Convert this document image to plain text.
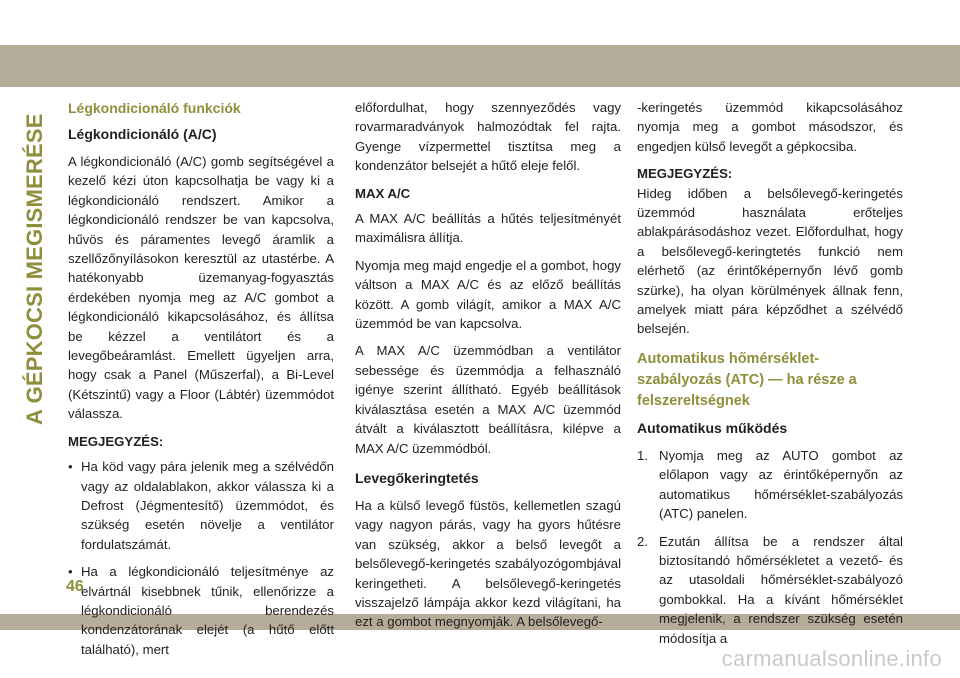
A GÉPKOCSI MEGISMERÉSE
46
Légkondicionáló funkciók
Légkondicionáló (A/C)

A légkondicionáló (A/C) gomb segítségével a kezelő kézi úton kapcsolhatja be vagy ki a légkondicionáló rendszert. Amikor a légkondicionáló rendszer be van kapcsolva, hűvös és páramentes levegő áramlik a szellőzőnyílásokon keresztül az utastérbe. A hatékonyabb üzemanyag-fogyasztás érdekében nyomja meg az A/C gombot a légkondicionáló kikapcsolásához, és állítsa be kézzel a ventilátort és a levegőbeáramlást. Emellett ügyeljen arra, hogy csak a Panel (Műszerfal), a Bi-Level (Kétszintű) vagy a Floor (Lábtér) üzemmódot válassza.

MEGJEGYZÉS:
• Ha köd vagy pára jelenik meg a szélvédőn vagy az oldalablakon, akkor válassza ki a Defrost (Jégmentesítő) üzemmódot, és szükség esetén növelje a ventilátor fordulatszámát.
• Ha a légkondicionáló teljesítménye az elvártnál kisebbnek tűnik, ellenőrizze a légkondicionáló berendezés kondenzátorának elejét (a hűtő előtt található), mert

előfordulhat, hogy szennyeződés vagy rovarmaradványok halmozódtak fel rajta. Gyenge vízpermettel tisztítsa meg a kondenzátor belsejét a hűtő eleje felől.

MAX A/C

A MAX A/C beállítás a hűtés teljesítményét maximálisra állítja.

Nyomja meg majd engedje el a gombot, hogy váltson a MAX A/C és az előző beállítás között. A gomb világít, amikor a MAX A/C üzemmód be van kapcsolva.

A MAX A/C üzemmódban a ventilátor sebessége és üzemmódja a felhasználó igénye szerint állítható. Egyéb beállítások kiválasztása esetén a MAX A/C üzemmód átvált a kiválasztott beállításra, kilépve a MAX A/C üzemmódból.

Levegőkeringtetés

Ha a külső levegő füstös, kellemetlen szagú vagy nagyon párás, vagy ha gyors hűtésre van szükség, akkor a belső levegőt a belsőlevegő-keringetés szabályozógombjával keringetheti. A belsőlevegő-keringetés visszajelző lámpája akkor kezd világítani, ha ezt a gombot megnyomják. A belsőlevegő-

-keringetés üzemmód kikapcsolásához nyomja meg a gombot másodszor, és engedjen külső levegőt a gépkocsiba.

MEGJEGYZÉS:

Hideg időben a belsőlevegő-keringetés üzemmód használata erőteljes ablakpárásodáshoz vezet. Előfordulhat, hogy a belsőlevegő-keringtetés funkció nem elérhető (az érintőképernyőn lévő gomb szürke), ha olyan körülmények állnak fenn, amelyek miatt pára képződhet a szélvédő belsején.

Automatikus hőmérséklet-szabályozás (ATC) — ha része a felszereltségnek
Automatikus működés
1. Nyomja meg az AUTO gombot az előlapon vagy az érintőképernyőn az automatikus hőmérséklet-szabályozás (ATC) panelen.
2. Ezután állítsa be a rendszer által biztosítandó hőmérsékletet a vezető- és az utasoldali hőmérséklet-szabályozó gombokkal. Ha a kívánt hőmérséklet megjelenik, a rendszer szükség esetén módosítja a
carmanualsonline.info
